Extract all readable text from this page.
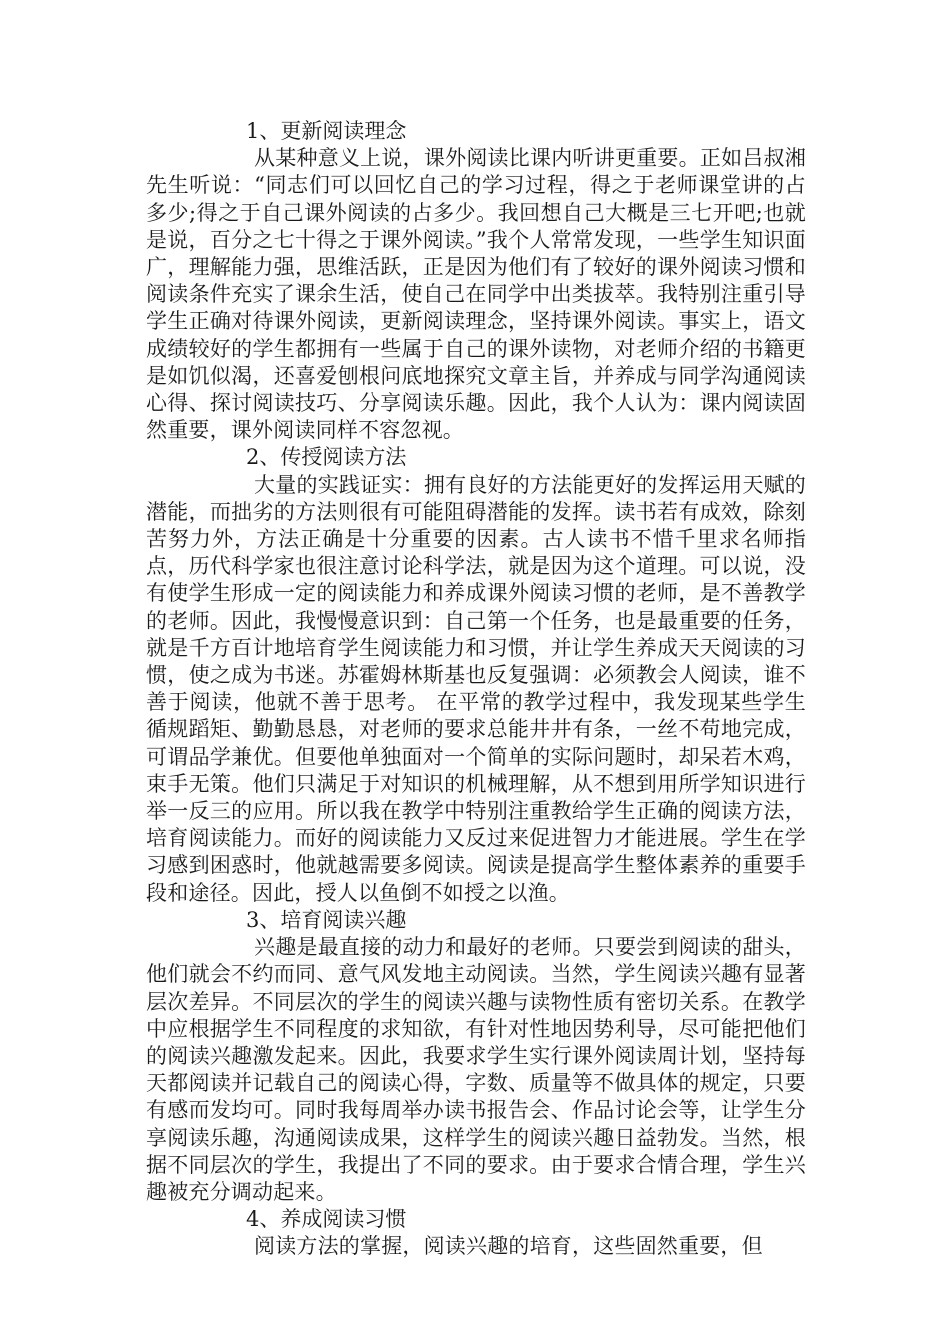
1、更新阅读理念

从某种意义上说，课外阅读比课内听讲更重要。正如吕叔湘先生听说：“同志们可以回忆自己的学习过程，得之于老师课堂讲的占多少;得之于自己课外阅读的占多少。我回想自己大概是三七开吧;也就是说，百分之七十得之于课外阅读。”我个人常常发现，一些学生知识面广，理解能力强，思维活跃，正是因为他们有了较好的课外阅读习惯和阅读条件充实了课余生活，使自己在同学中出类拔萃。我特别注重引导学生正确对待课外阅读，更新阅读理念，坚持课外阅读。事实上，语文成绩较好的学生都拥有一些属于自己的课外读物，对老师介绍的书籍更是如饥似渴，还喜爱刨根问底地探究文章主旨，并养成与同学沟通阅读心得、探讨阅读技巧、分享阅读乐趣。因此，我个人认为：课内阅读固然重要，课外阅读同样不容忽视。

2、传授阅读方法

大量的实践证实：拥有良好的方法能更好的发挥运用天赋的潜能，而拙劣的方法则很有可能阻碍潜能的发挥。读书若有成效，除刻苦努力外，方法正确是十分重要的因素。古人读书不惜千里求名师指点，历代科学家也很注意讨论科学法，就是因为这个道理。可以说，没有使学生形成一定的阅读能力和养成课外阅读习惯的老师，是不善教学的老师。因此，我慢慢意识到：自己第一个任务，也是最重要的任务，就是千方百计地培育学生阅读能力和习惯，并让学生养成天天阅读的习惯，使之成为书迷。苏霍姆林斯基也反复强调：必须教会人阅读，谁不善于阅读，他就不善于思考。 在平常的教学过程中，我发现某些学生循规蹈矩、勤勤恳恳，对老师的要求总能井井有条，一丝不苟地完成，可谓品学兼优。但要他单独面对一个简单的实际问题时，却呆若木鸡，束手无策。他们只满足于对知识的机械理解，从不想到用所学知识进行举一反三的应用。所以我在教学中特别注重教给学生正确的阅读方法，培育阅读能力。而好的阅读能力又反过来促进智力才能进展。学生在学习感到困惑时，他就越需要多阅读。阅读是提高学生整体素养的重要手段和途径。因此，授人以鱼倒不如授之以渔。

3、培育阅读兴趣

兴趣是最直接的动力和最好的老师。只要尝到阅读的甜头，他们就会不约而同、意气风发地主动阅读。当然，学生阅读兴趣有显著层次差异。不同层次的学生的阅读兴趣与读物性质有密切关系。在教学中应根据学生不同程度的求知欲，有针对性地因势利导，尽可能把他们的阅读兴趣激发起来。因此，我要求学生实行课外阅读周计划，坚持每天都阅读并记载自己的阅读心得，字数、质量等不做具体的规定，只要有感而发均可。同时我每周举办读书报告会、作品讨论会等，让学生分享阅读乐趣，沟通阅读成果，这样学生的阅读兴趣日益勃发。当然，根据不同层次的学生，我提出了不同的要求。由于要求合情合理，学生兴趣被充分调动起来。

4、养成阅读习惯

阅读方法的掌握，阅读兴趣的培育，这些固然重要，但
